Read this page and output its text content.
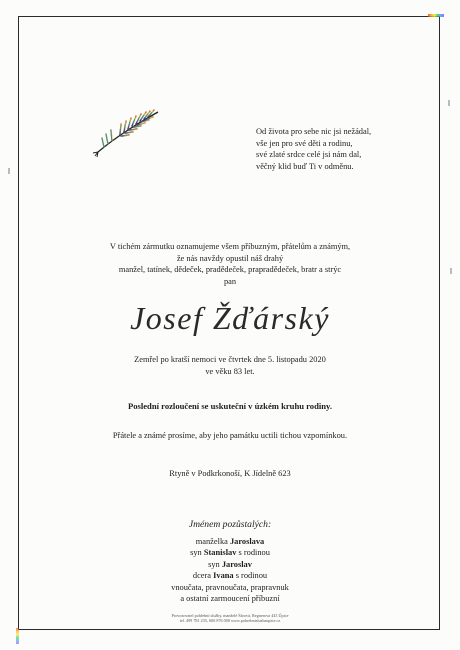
Od života pro sebe nic jsi nežádal,
vše jen pro své děti a rodinu,
své zlaté srdce celé jsi nám dal,
věčný klid buď Ti v odměnu.
V tichém zármutku oznamujeme všem příbuzným, přátelům a známým,
že nás navždy opustil náš drahý
manžel, tatínek, dědeček, pradědeček, prapradědeček, bratr a strýc
pan
Josef Žďárský
Zemřel po kratší nemoci ve čtvrtek dne 5. listopadu 2020
ve věku 83 let.
Poslední rozloučení se uskuteční v úzkém kruhu rodiny.
Přátele a známé prosíme, aby jeho památku uctili tichou vzpomínkou.
Rtyně v Podkrkonoší, K Jídelně 623
Jménem pozůstalých:
manželka Jaroslava
syn Stanislav s rodinou
syn Jaroslav
dcera Ivana s rodinou
vnoučata, pravnoučata, prapravnuk
a ostatní zarmoucení příbuzní
Provozovatel pohřební služby, manželé Šárová, Regnerova 443 Úpice
tel. 499 781 235, 606 876 000 www.pohrebnisluzbaupice.cz
